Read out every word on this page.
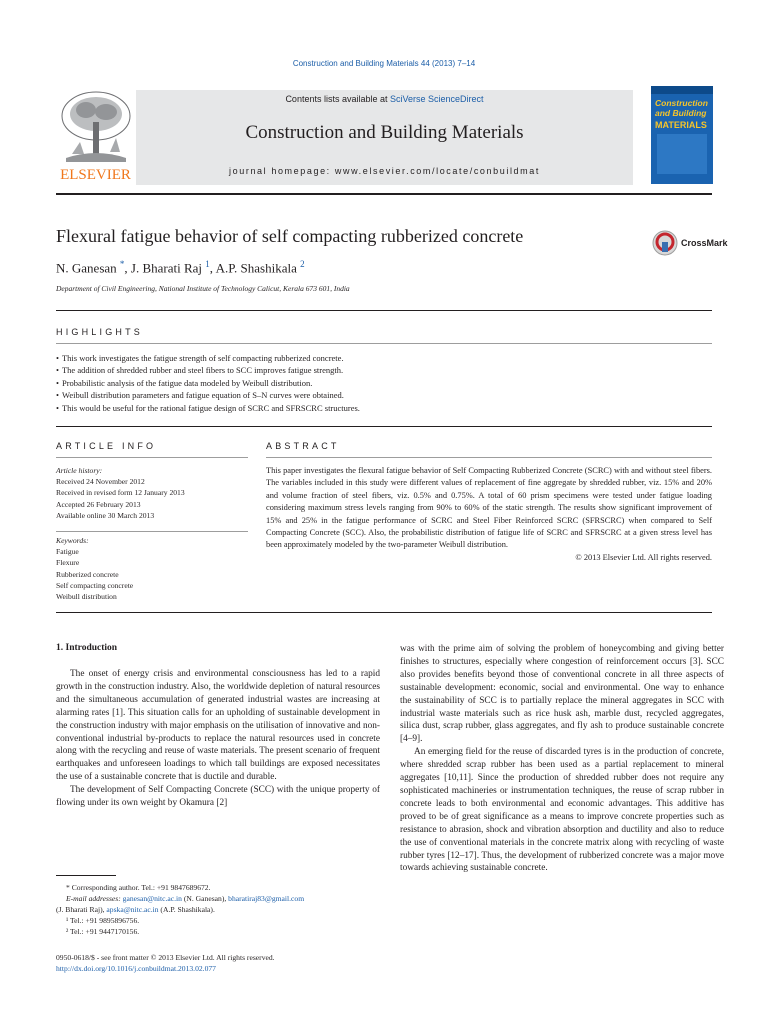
Construction and Building Materials 44 (2013) 7–14
ELSEVIER
Contents lists available at SciVerse ScienceDirect
Construction and Building Materials
journal homepage: www.elsevier.com/locate/conbuildmat
Construction and Building
MATERIALS
Flexural fatigue behavior of self compacting rubberized concrete	CrossMark
N. Ganesan *, J. Bharati Raj $^1$, A.P. Shashikala $^2$
Department of Civil Engineering, National Institute of Technology Calicut, Kerala 673 601, India
HIGHLIGHTS
• This work investigates the fatigue strength of self compacting rubberized concrete.
• The addition of shredded rubber and steel fibers to SCC improves fatigue strength.
• Probabilistic analysis of the fatigue data modeled by Weibull distribution.
• Weibull distribution parameters and fatigue equation of S–N curves were obtained.
• This would be useful for the rational fatigue design of SCRC and SFRSCRC structures.
ARTICLE INFO
Article history:
Received 24 November 2012
Received in revised form 12 January 2013
Accepted 26 February 2013
Available online 30 March 2013
Keywords:
Fatigue
Flexure
Rubberized concrete
Self compacting concrete
Weibull distribution
ABSTRACT
This paper investigates the flexural fatigue behavior of Self Compacting Rubberized Concrete (SCRC) with and without steel fibers. The variables included in this study were different values of replacement of fine aggregate by shredded rubber, viz. 15% and 20% and volume fraction of steel fibers, viz. 0.5% and 0.75%. A total of 60 prism specimens were tested under fatigue loading considering maximum stress levels ranging from 90% to 60% of the static strength. The results show significant improvement of 15% and 25% in the fatigue performance of SCRC and Steel Fiber Reinforced SCRC (SFRSCRC) when compared to Self Compacting Concrete (SCC). Also, the probabilistic distribution of fatigue life of SCRC and SFRSCRC at a given stress level has been approximately modeled by the two-parameter Weibull distribution.
© 2013 Elsevier Ltd. All rights reserved.
1. Introduction

The onset of energy crisis and environmental consciousness has led to a rapid growth in the construction industry. Also, the worldwide depletion of natural resources and the simultaneous accumulation of generated industrial wastes are increasing at alarming rates [1]. This situation calls for an upholding of sustainable development in the construction industry with major emphasis on the utilisation of innovative and non-conventional industrial by-products to replace the natural resources used in concrete along with the recycling and reuse of waste materials. The present scenario of frequent earthquakes and unforeseen loadings to which tall buildings are exposed necessitates the use of a sustainable concrete that is ductile and durable.

The development of Self Compacting Concrete (SCC) with the unique property of flowing under its own weight by Okamura [2]

was with the prime aim of solving the problem of honeycombing and giving better finishes to structures, especially where congestion of reinforcement occurs [3]. SCC also provides benefits beyond those of conventional concrete in all three aspects of sustainable development: economic, social and environmental. One way to enhance the sustainability of SCC is to partially replace the mineral aggregates in SCC with industrial waste materials such as rice husk ash, marble dust, recycled aggregates, silica dust, scrap rubber, glass aggregates, and fly ash to produce sustainable concrete [4–9].

An emerging field for the reuse of discarded tyres is in the production of concrete, where shredded scrap rubber has been used as a partial replacement to mineral aggregates [10,11]. Since the production of shredded rubber does not require any sophisticated machineries or instrumentation techniques, the reuse of scrap rubber in concrete leads to both environmental and economic advantages. This additive has proved to be of great significance as a means to improve concrete properties such as resistance to abrasion, shock and vibration absorption and ductility and also to reduce the use of conventional materials in the concrete matrix along with recycling of waste rubber tyres [12–17]. Thus, the development of rubberized concrete was a major move towards achieving sustainable concrete.

* Corresponding author. Tel.: +91 9847689672.
E-mail addresses: ganesan@nitc.ac.in (N. Ganesan), bharatiraj83@gmail.com
(J. Bharati Raj), apska@nitc.ac.in (A.P. Shashikala).
¹ Tel.: +91 9895896756.
² Tel.: +91 9447170156.
0950-0618/$ - see front matter © 2013 Elsevier Ltd. All rights reserved.
http://dx.doi.org/10.1016/j.conbuildmat.2013.02.077
